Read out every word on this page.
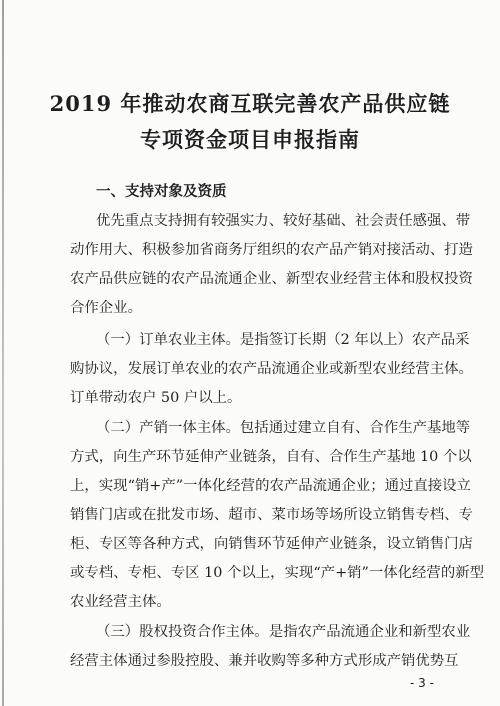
2019 年推动农商互联完善农产品供应链
专项资金项目申报指南
一、支持对象及资质
优先重点支持拥有较强实力、较好基础、社会责任感强、带
动作用大、积极参加省商务厅组织的农产品产销对接活动、打造
农产品供应链的农产品流通企业、新型农业经营主体和股权投资
合作企业。
（一）订单农业主体。是指签订长期（2 年以上）农产品采
购协议，发展订单农业的农产品流通企业或新型农业经营主体。
订单带动农户 50 户以上。
（二）产销一体主体。包括通过建立自有、合作生产基地等
方式，向生产环节延伸产业链条，自有、合作生产基地 10 个以
上，实现“销+产”一体化经营的农产品流通企业；通过直接设立
销售门店或在批发市场、超市、菜市场等场所设立销售专档、专
柜、专区等各种方式，向销售环节延伸产业链条，设立销售门店
或专档、专柜、专区 10 个以上，实现“产+销”一体化经营的新型
农业经营主体。
（三）股权投资合作主体。是指农产品流通企业和新型农业
经营主体通过参股控股、兼并收购等多种方式形成产销优势互
- 3 -
